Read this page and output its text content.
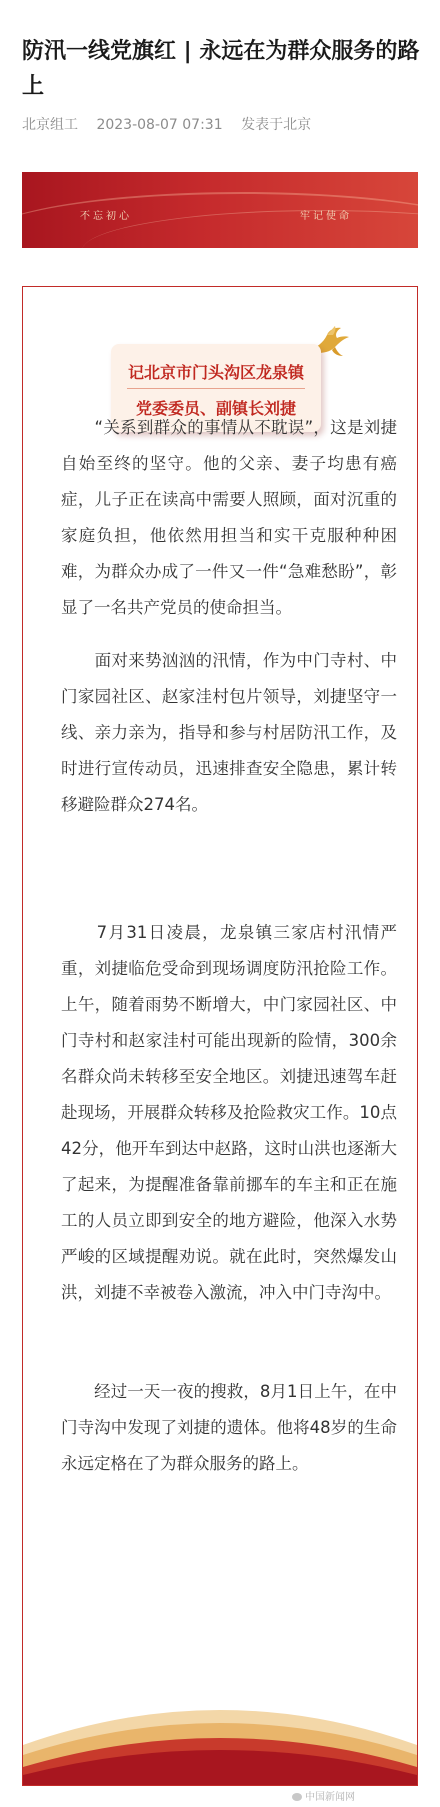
防汛一线党旗红 | 永远在为群众服务的路上
北京组工 2023-08-07 07:31 发表于北京
不忘初心	牢记使命
记北京市门头沟区龙泉镇
党委委员、副镇长刘捷

　　“关系到群众的事情从不耽误”，这是刘捷自始至终的坚守。他的父亲、妻子均患有癌症，儿子正在读高中需要人照顾，面对沉重的家庭负担，他依然用担当和实干克服种种困难，为群众办成了一件又一件“急难愁盼”，彰显了一名共产党员的使命担当。

　　面对来势汹汹的汛情，作为中门寺村、中门家园社区、赵家洼村包片领导，刘捷坚守一线、亲力亲为，指导和参与村居防汛工作，及时进行宣传动员，迅速排查安全隐患，累计转移避险群众274名。

　　7月31日凌晨，龙泉镇三家店村汛情严重，刘捷临危受命到现场调度防汛抢险工作。上午，随着雨势不断增大，中门家园社区、中门寺村和赵家洼村可能出现新的险情，300余名群众尚未转移至安全地区。刘捷迅速驾车赶赴现场，开展群众转移及抢险救灾工作。10点42分，他开车到达中赵路，这时山洪也逐渐大了起来，为提醒准备靠前挪车的车主和正在施工的人员立即到安全的地方避险，他深入水势严峻的区域提醒劝说。就在此时，突然爆发山洪，刘捷不幸被卷入激流，冲入中门寺沟中。

　　经过一天一夜的搜救，8月1日上午，在中门寺沟中发现了刘捷的遗体。他将48岁的生命永远定格在了为群众服务的路上。

中国新闻网
